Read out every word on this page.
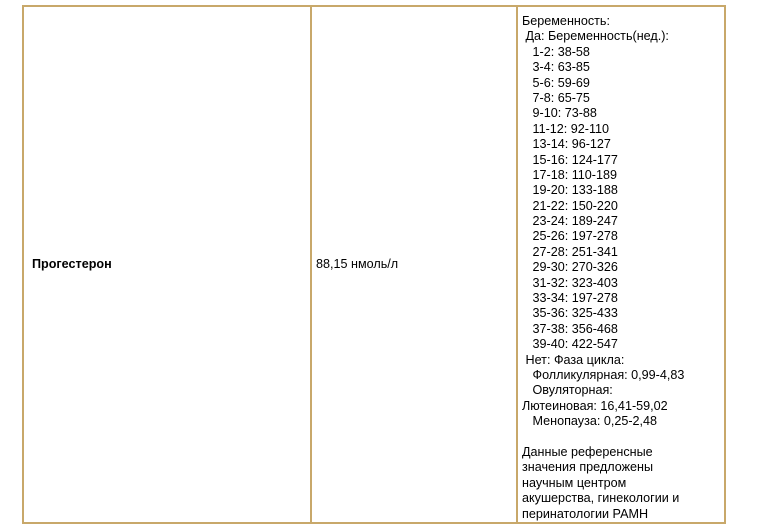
Прогестерон	88,15 нмоль/л	
Беременность:
Да: Беременность(нед.):
1-2: 38-58
3-4: 63-85
5-6: 59-69
7-8: 65-75
9-10: 73-88
11-12: 92-110
13-14: 96-127
15-16: 124-177
17-18: 110-189
19-20: 133-188
21-22: 150-220
23-24: 189-247
25-26: 197-278
27-28: 251-341
29-30: 270-326
31-32: 323-403
33-34: 197-278
35-36: 325-433
37-38: 356-468
39-40: 422-547
Нет: Фаза цикла:
Фолликулярная: 0,99-4,83
Овуляторная:
Лютеиновая: 16,41-59,02
Менопауза: 0,25-2,48
Данные референсные
значения предложены
научным центром
акушерства, гинекологии и
перинатологии РАМН
